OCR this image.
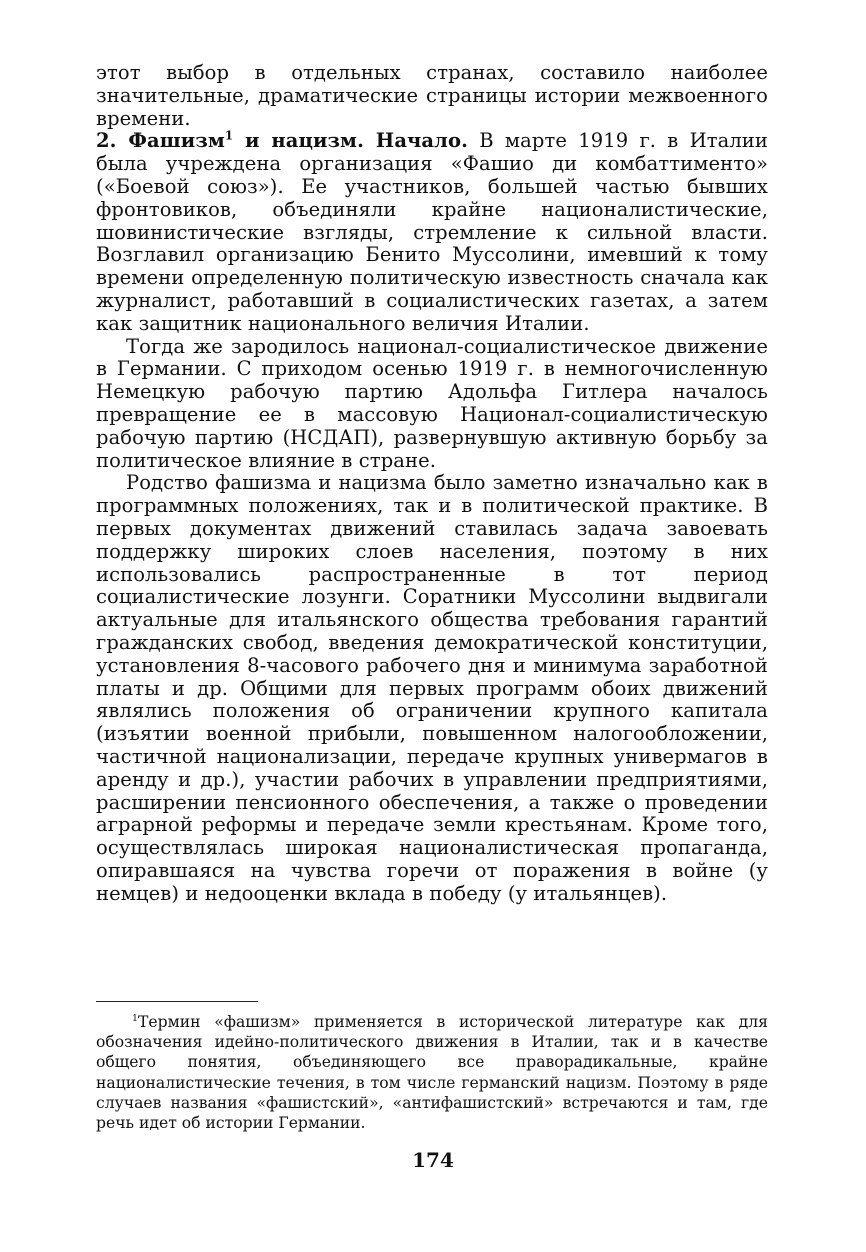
этот выбор в отдельных странах, составило наиболее значительные, драматические страницы истории межвоенного времени.

2. Фашизм$^1$ и нацизм. Начало. В марте 1919 г. в Италии была учреждена организация «Фашио ди комбаттименто» («Боевой союз»). Ее участников, большей частью бывших фронтовиков, объединяли крайне националистические, шовинистические взгляды, стремление к сильной власти. Возглавил организацию Бенито Муссолини, имевший к тому времени определенную политическую известность сначала как журналист, работавший в социалистических газетах, а затем как защитник национального величия Италии.

Тогда же зародилось национал-социалистическое движение в Германии. С приходом осенью 1919 г. в немногочисленную Немецкую рабочую партию Адольфа Гитлера началось превращение ее в массовую Национал-социалистическую рабочую партию (НСДАП), развернувшую активную борьбу за политическое влияние в стране.

Родство фашизма и нацизма было заметно изначально как в программных положениях, так и в политической практике. В первых документах движений ставилась задача завоевать поддержку широких слоев населения, поэтому в них использовались распространенные в тот период социалистические лозунги. Соратники Муссолини выдвигали актуальные для итальянского общества требования гарантий гражданских свобод, введения демократической конституции, установления 8-часового рабочего дня и минимума заработной платы и др. Общими для первых программ обоих движений являлись положения об ограничении крупного капитала (изъятии военной прибыли, повышенном налогообложении, частичной национализации, передаче крупных универмагов в аренду и др.), участии рабочих в управлении предприятиями, расширении пенсионного обеспечения, а также о проведении аграрной реформы и передаче земли крестьянам. Кроме того, осуществлялась широкая националистическая пропаганда, опиравшаяся на чувства горечи от поражения в войне (у немцев) и недооценки вклада в победу (у итальянцев).

$^1$Термин «фашизм» применяется в исторической литературе как для обозначения идейно-политического движения в Италии, так и в качестве общего понятия, объединяющего все праворадикальные, крайне националистические течения, в том числе германский нацизм. Поэтому в ряде случаев названия «фашистский», «антифашистский» встречаются и там, где речь идет об истории Германии.

174
